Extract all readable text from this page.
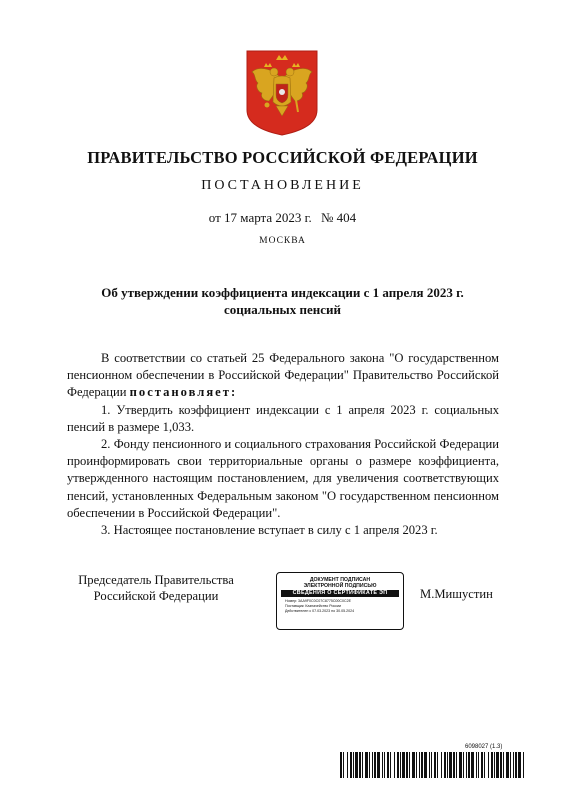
ПРАВИТЕЛЬСТВО РОССИЙСКОЙ ФЕДЕРАЦИИ
ПОСТАНОВЛЕНИЕ
от 17 марта 2023 г. № 404
МОСКВА
Об утверждении коэффициента индексации с 1 апреля 2023 г.
социальных пенсий

В соответствии со статьей 25 Федерального закона "О государственном пенсионном обеспечении в Российской Федерации" Правительство Российской Федерации постановляет:

1. Утвердить коэффициент индексации с 1 апреля 2023 г. социальных пенсий в размере 1,033.

2. Фонду пенсионного и социального страхования Российской Федерации проинформировать свои территориальные органы о размере коэффициента, утвержденного настоящим постановлением, для увеличения соответствующих пенсий, установленных Федеральным законом "О государственном пенсионном обеспечении в Российской Федерации".

3. Настоящее постановление вступает в силу с 1 апреля 2023 г.

Председатель Правительства
Российской Федерации
ДОКУМЕНТ ПОДПИСАН
ЭЛЕКТРОННОЙ ПОДПИСЬЮ
СВЕДЕНИЯ О СЕРТИФИКАТЕ ЭП
Номер: 3AA9F0C0C07C8775C00C0C2E
Поставщик: Казначейство России
Действителен с 07.03.2023 по 30.05.2024
М.Мишустин
6098027 (1.3)
